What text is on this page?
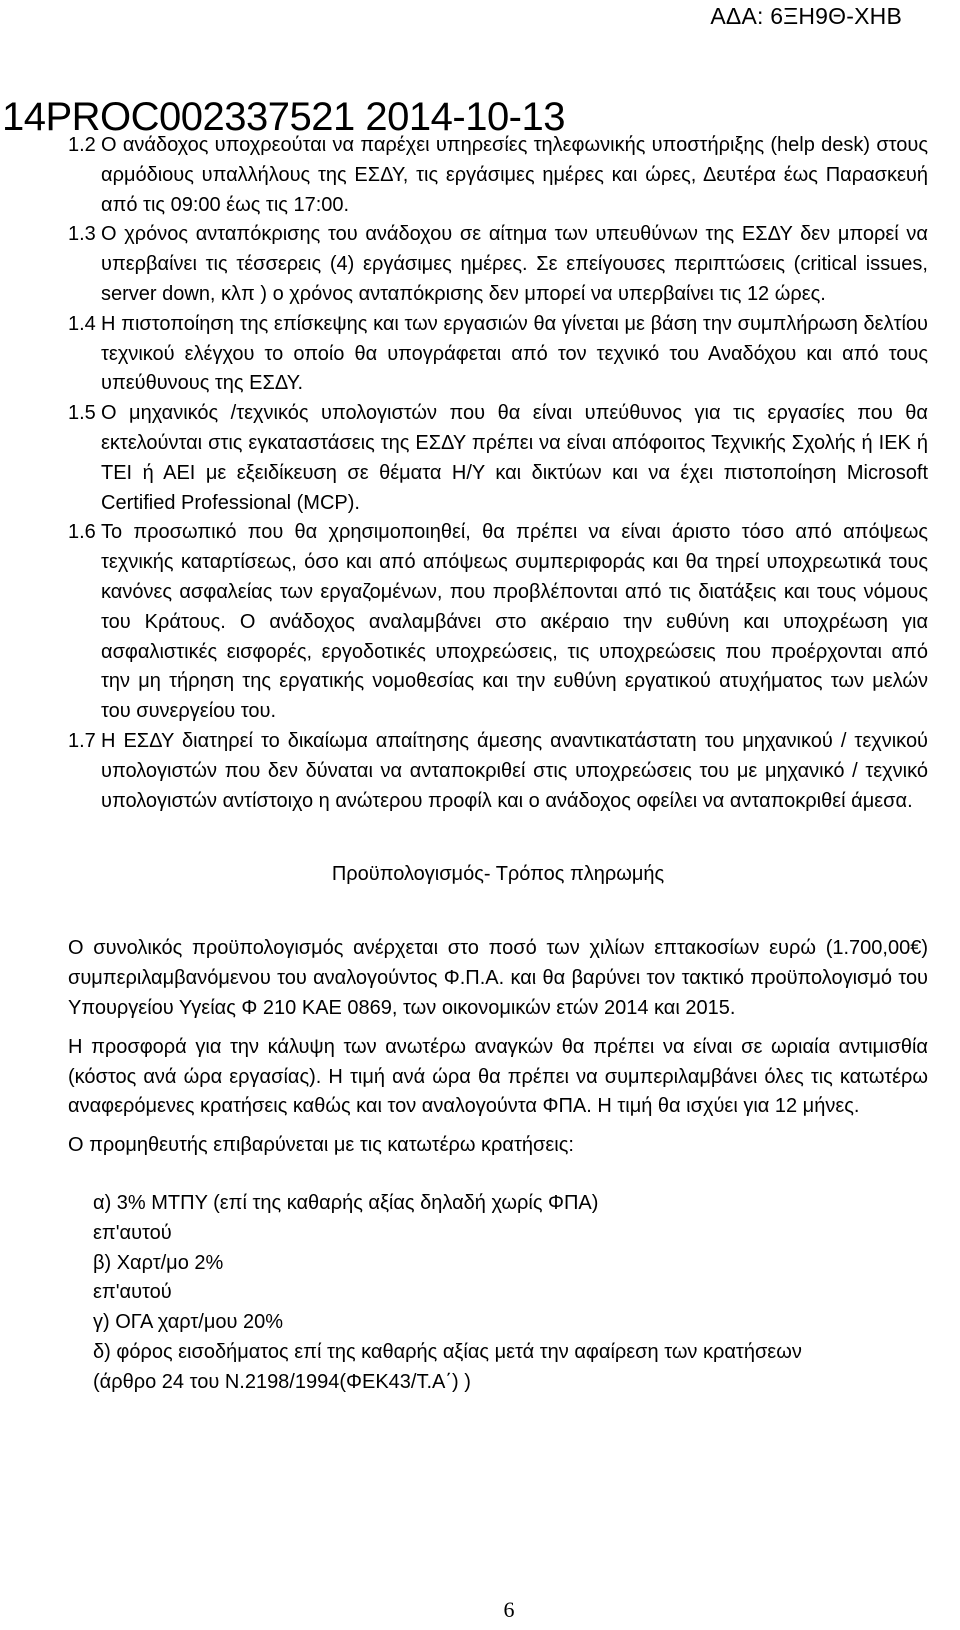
ΑΔΑ: 6ΞΗ9Θ-ΧΗΒ
14PROC002337521 2014-10-13
1.2 Ο ανάδοχος υποχρεούται να παρέχει υπηρεσίες τηλεφωνικής υποστήριξης (help desk) στους αρμόδιους υπαλλήλους της ΕΣΔΥ, τις εργάσιμες ημέρες και ώρες, Δευτέρα έως Παρασκευή από τις 09:00 έως τις 17:00.
1.3 Ο χρόνος ανταπόκρισης του ανάδοχου σε αίτημα των υπευθύνων της ΕΣΔΥ δεν μπορεί να υπερβαίνει τις τέσσερεις (4) εργάσιμες ημέρες. Σε επείγουσες περιπτώσεις (critical issues, server down, κλπ ) ο χρόνος ανταπόκρισης δεν μπορεί να υπερβαίνει τις 12 ώρες.
1.4 Η πιστοποίηση της επίσκεψης και των εργασιών θα γίνεται με βάση την συμπλήρωση δελτίου τεχνικού ελέγχου το οποίο θα υπογράφεται από τον τεχνικό του Αναδόχου και από τους υπεύθυνους της ΕΣΔΥ.
1.5 Ο μηχανικός /τεχνικός υπολογιστών που θα είναι υπεύθυνος για τις εργασίες που θα εκτελούνται στις εγκαταστάσεις της ΕΣΔΥ πρέπει να είναι απόφοιτος Τεχνικής Σχολής ή ΙΕΚ ή ΤΕΙ ή ΑΕΙ με εξειδίκευση σε θέματα Η/Υ και δικτύων και να έχει πιστοποίηση Microsoft Certified Professional (MCP).
1.6 Το προσωπικό που θα χρησιμοποιηθεί, θα πρέπει να είναι άριστο τόσο από απόψεως τεχνικής καταρτίσεως, όσο και από απόψεως συμπεριφοράς και θα τηρεί υποχρεωτικά τους κανόνες ασφαλείας των εργαζομένων, που προβλέπονται από τις διατάξεις και τους νόμους του Κράτους. Ο ανάδοχος αναλαμβάνει στο ακέραιο την ευθύνη και υποχρέωση για ασφαλιστικές εισφορές, εργοδοτικές υποχρεώσεις, τις υποχρεώσεις που προέρχονται από την μη τήρηση της εργατικής νομοθεσίας και την ευθύνη εργατικού ατυχήματος των μελών του συνεργείου του.
1.7 Η ΕΣΔΥ διατηρεί το δικαίωμα απαίτησης άμεσης αναντικατάστατη του μηχανικού / τεχνικού υπολογιστών που δεν δύναται να ανταποκριθεί στις υποχρεώσεις του με μηχανικό / τεχνικό υπολογιστών αντίστοιχο η ανώτερου προφίλ και ο ανάδοχος οφείλει να ανταποκριθεί άμεσα.
Προϋπολογισμός- Τρόπος πληρωμής

Ο συνολικός προϋπολογισμός ανέρχεται στο ποσό των χιλίων επτακοσίων ευρώ (1.700,00€) συμπεριλαμβανόμενου του αναλογούντος Φ.Π.Α. και θα βαρύνει τον τακτικό προϋπολογισμό του Υπουργείου Υγείας Φ 210 ΚΑΕ 0869, των οικονομικών ετών 2014 και 2015.

Η προσφορά για την κάλυψη των ανωτέρω αναγκών θα πρέπει να είναι σε ωριαία αντιμισθία (κόστος ανά ώρα εργασίας). Η τιμή ανά ώρα θα πρέπει να συμπεριλαμβάνει όλες τις κατωτέρω αναφερόμενες κρατήσεις καθώς και τον αναλογούντα ΦΠΑ. Η τιμή θα ισχύει για 12 μήνες.

Ο προμηθευτής επιβαρύνεται με τις κατωτέρω κρατήσεις:

α) 3% ΜΤΠΥ (επί της καθαρής αξίας δηλαδή χωρίς ΦΠΑ)
επ'αυτού
β) Χαρτ/μο 2%
επ'αυτού
γ) ΟΓΑ χαρτ/μου 20%
δ) φόρος εισοδήματος επί της καθαρής αξίας μετά την αφαίρεση των κρατήσεων
(άρθρο 24 του Ν.2198/1994(ΦΕΚ43/Τ.Α΄) )
6
